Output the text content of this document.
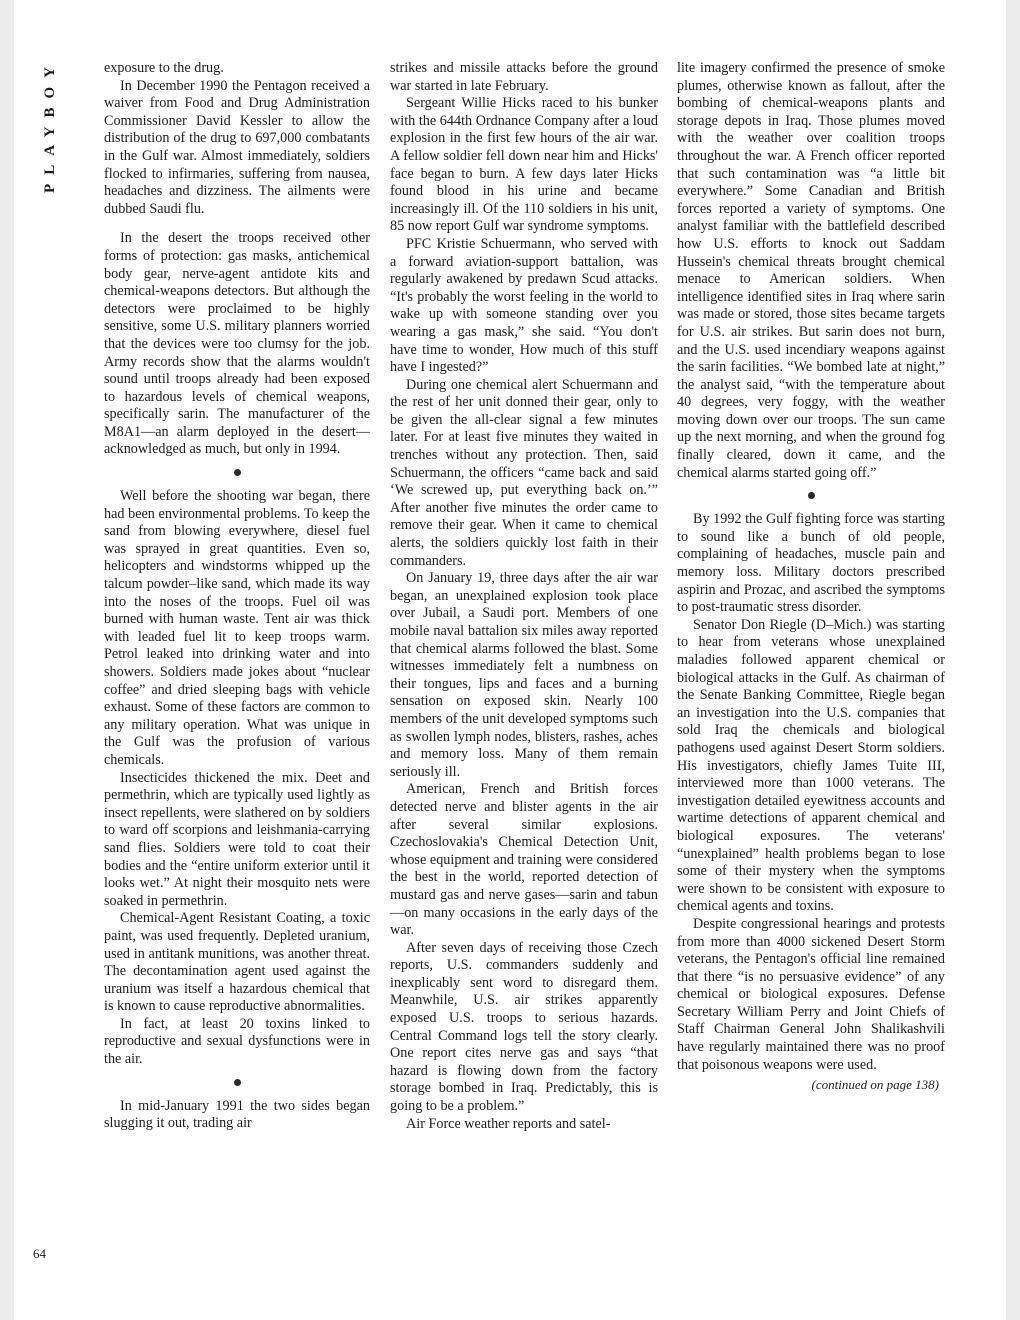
PLAYBOY
64

exposure to the drug.

In December 1990 the Pentagon received a waiver from Food and Drug Administration Commissioner David Kessler to allow the distribution of the drug to 697,000 combatants in the Gulf war. Almost immediately, soldiers flocked to infirmaries, suffering from nausea, headaches and dizziness. The ailments were dubbed Saudi flu.

In the desert the troops received other forms of protection: gas masks, antichemical body gear, nerve-agent antidote kits and chemical-weapons detectors. But although the detectors were proclaimed to be highly sensitive, some U.S. military planners worried that the devices were too clumsy for the job. Army records show that the alarms wouldn't sound until troops already had been exposed to hazardous levels of chemical weapons, specifically sarin. The manufacturer of the M8A1—an alarm deployed in the desert—acknowledged as much, but only in 1994.

Well before the shooting war began, there had been environmental problems. To keep the sand from blowing everywhere, diesel fuel was sprayed in great quantities. Even so, helicopters and windstorms whipped up the talcum powder–like sand, which made its way into the noses of the troops. Fuel oil was burned with human waste. Tent air was thick with leaded fuel lit to keep troops warm. Petrol leaked into drinking water and into showers. Soldiers made jokes about “nuclear coffee” and dried sleeping bags with vehicle exhaust. Some of these factors are common to any military operation. What was unique in the Gulf was the profusion of various chemicals.

Insecticides thickened the mix. Deet and permethrin, which are typically used lightly as insect repellents, were slathered on by soldiers to ward off scorpions and leishmania-carrying sand flies. Soldiers were told to coat their bodies and the “entire uniform exterior until it looks wet.” At night their mosquito nets were soaked in permethrin.

Chemical-Agent Resistant Coating, a toxic paint, was used frequently. Depleted uranium, used in antitank munitions, was another threat. The decontamination agent used against the uranium was itself a hazardous chemical that is known to cause reproductive abnormalities.

In fact, at least 20 toxins linked to reproductive and sexual dysfunctions were in the air.

In mid-January 1991 the two sides began slugging it out, trading air

strikes and missile attacks before the ground war started in late February.

Sergeant Willie Hicks raced to his bunker with the 644th Ordnance Company after a loud explosion in the first few hours of the air war. A fellow soldier fell down near him and Hicks' face began to burn. A few days later Hicks found blood in his urine and became increasingly ill. Of the 110 soldiers in his unit, 85 now report Gulf war syndrome symptoms.

PFC Kristie Schuermann, who served with a forward aviation-support battalion, was regularly awakened by predawn Scud attacks. “It's probably the worst feeling in the world to wake up with someone standing over you wearing a gas mask,” she said. “You don't have time to wonder, How much of this stuff have I ingested?”

During one chemical alert Schuermann and the rest of her unit donned their gear, only to be given the all-clear signal a few minutes later. For at least five minutes they waited in trenches without any protection. Then, said Schuermann, the officers “came back and said ‘We screwed up, put everything back on.’” After another five minutes the order came to remove their gear. When it came to chemical alerts, the soldiers quickly lost faith in their commanders.

On January 19, three days after the air war began, an unexplained explosion took place over Jubail, a Saudi port. Members of one mobile naval battalion six miles away reported that chemical alarms followed the blast. Some witnesses immediately felt a numbness on their tongues, lips and faces and a burning sensation on exposed skin. Nearly 100 members of the unit developed symptoms such as swollen lymph nodes, blisters, rashes, aches and memory loss. Many of them remain seriously ill.

American, French and British forces detected nerve and blister agents in the air after several similar explosions. Czechoslovakia's Chemical Detection Unit, whose equipment and training were considered the best in the world, reported detection of mustard gas and nerve gases—sarin and tabun—on many occasions in the early days of the war.

After seven days of receiving those Czech reports, U.S. commanders suddenly and inexplicably sent word to disregard them. Meanwhile, U.S. air strikes apparently exposed U.S. troops to serious hazards. Central Command logs tell the story clearly. One report cites nerve gas and says “that hazard is flowing down from the factory storage bombed in Iraq. Predictably, this is going to be a problem.”

Air Force weather reports and satel-

lite imagery confirmed the presence of smoke plumes, otherwise known as fallout, after the bombing of chemical-weapons plants and storage depots in Iraq. Those plumes moved with the weather over coalition troops throughout the war. A French officer reported that such contamination was “a little bit everywhere.” Some Canadian and British forces reported a variety of symptoms. One analyst familiar with the battlefield described how U.S. efforts to knock out Saddam Hussein's chemical threats brought chemical menace to American soldiers. When intelligence identified sites in Iraq where sarin was made or stored, those sites became targets for U.S. air strikes. But sarin does not burn, and the U.S. used incendiary weapons against the sarin facilities. “We bombed late at night,” the analyst said, “with the temperature about 40 degrees, very foggy, with the weather moving down over our troops. The sun came up the next morning, and when the ground fog finally cleared, down it came, and the chemical alarms started going off.”

By 1992 the Gulf fighting force was starting to sound like a bunch of old people, complaining of headaches, muscle pain and memory loss. Military doctors prescribed aspirin and Prozac, and ascribed the symptoms to post-traumatic stress disorder.

Senator Don Riegle (D–Mich.) was starting to hear from veterans whose unexplained maladies followed apparent chemical or biological attacks in the Gulf. As chairman of the Senate Banking Committee, Riegle began an investigation into the U.S. companies that sold Iraq the chemicals and biological pathogens used against Desert Storm soldiers. His investigators, chiefly James Tuite III, interviewed more than 1000 veterans. The investigation detailed eyewitness accounts and wartime detections of apparent chemical and biological exposures. The veterans' “unexplained” health problems began to lose some of their mystery when the symptoms were shown to be consistent with exposure to chemical agents and toxins.

Despite congressional hearings and protests from more than 4000 sickened Desert Storm veterans, the Pentagon's official line remained that there “is no persuasive evidence” of any chemical or biological exposures. Defense Secretary William Perry and Joint Chiefs of Staff Chairman General John Shalikashvili have regularly maintained there was no proof that poisonous weapons were used.

(continued on page 138)
